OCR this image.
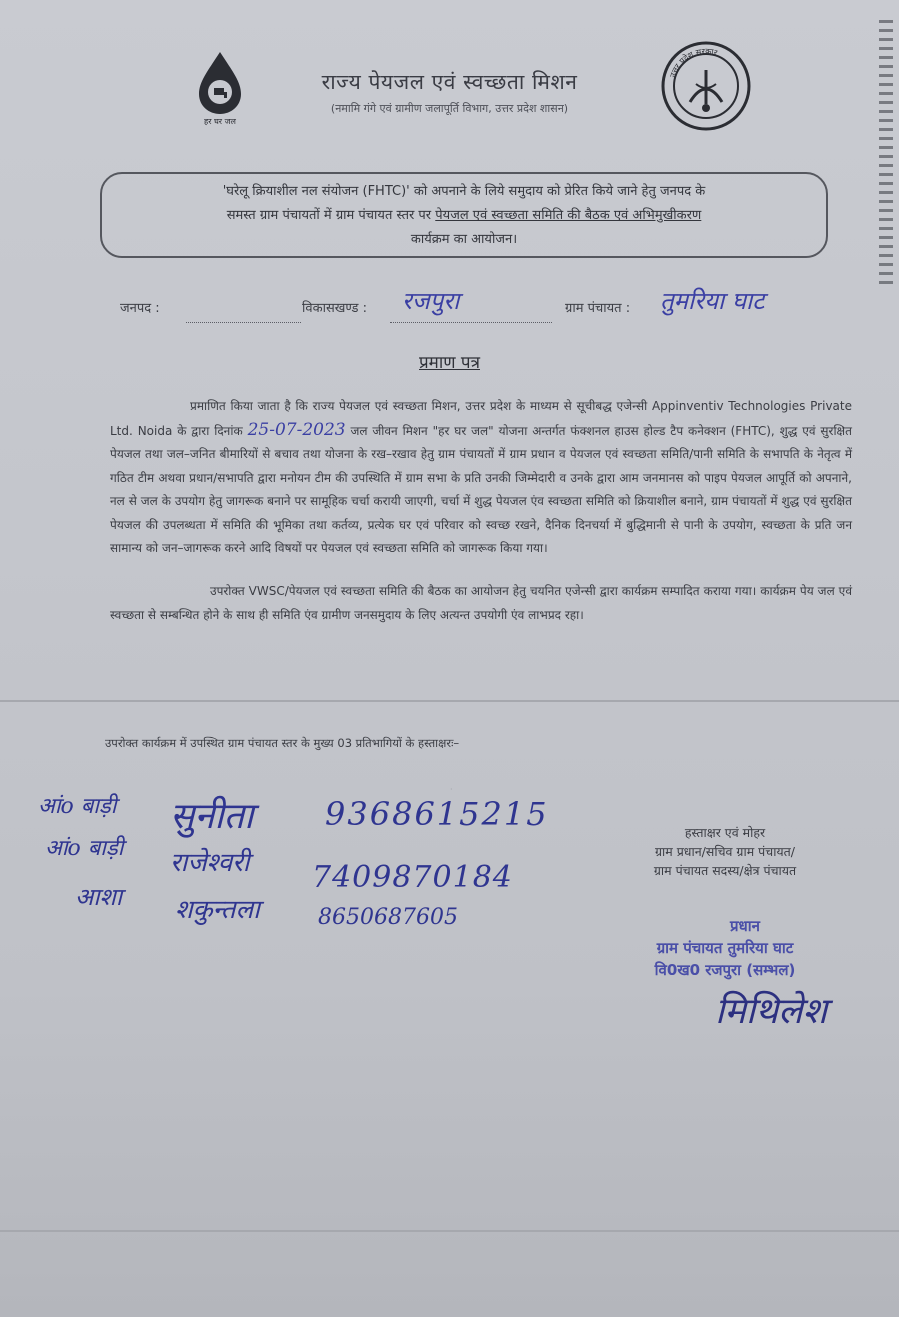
हर घर जल
उत्तर प्रदेश सरकार
राज्य पेयजल एवं स्वच्छता मिशन
(नमामि गंगे एवं ग्रामीण जलापूर्ति विभाग, उत्तर प्रदेश शासन)
'घरेलू क्रियाशील नल संयोजन (FHTC)' को अपनाने के लिये समुदाय को प्रेरित किये जाने हेतु जनपद के
समस्त ग्राम पंचायतों में ग्राम पंचायत स्तर पर पेयजल एवं स्वच्छता समिति की बैठक एवं अभिमुखीकरण
कार्यक्रम का आयोजन।
जनपद :	विकासखण्ड : रजपुरा	ग्राम पंचायत : तुमरिया घाट
प्रमाण पत्र
प्रमाणित किया जाता है कि राज्य पेयजल एवं स्वच्छता मिशन, उत्तर प्रदेश के माध्यम से सूचीबद्ध एजेन्सी Appinventiv Technologies Private Ltd. Noida के द्वारा दिनांक 25-07-2023 जल जीवन मिशन "हर घर जल" योजना अन्तर्गत फंक्शनल हाउस होल्ड टैप कनेक्शन (FHTC), शुद्ध एवं सुरक्षित पेयजल तथा जल–जनित बीमारियों से बचाव तथा योजना के रख–रखाव हेतु ग्राम पंचायतों में ग्राम प्रधान व पेयजल एवं स्वच्छता समिति/पानी समिति के सभापति के नेतृत्व में गठित टीम अथवा प्रधान/सभापति द्वारा मनोयन टीम की उपस्थिति में ग्राम सभा के प्रति उनकी जिम्मेदारी व उनके द्वारा आम जनमानस को पाइप पेयजल आपूर्ति को अपनाने, नल से जल के उपयोग हेतु जागरूक बनाने पर सामूहिक चर्चा करायी जाएगी, चर्चा में शुद्ध पेयजल एंव स्वच्छता समिति को क्रियाशील बनाने, ग्राम पंचायतों में शुद्ध एवं सुरक्षित पेयजल की उपलब्धता में समिति की भूमिका तथा कर्तव्य, प्रत्येक घर एवं परिवार को स्वच्छ रखने, दैनिक दिनचर्या में बुद्धिमानी से पानी के उपयोग, स्वच्छता के प्रति जन सामान्य को जन–जागरूक करने आदि विषयों पर पेयजल एवं स्वच्छता समिति को जागरूक किया गया।
उपरोक्त VWSC/पेयजल एवं स्वच्छता समिति की बैठक का आयोजन हेतु चयनित एजेन्सी द्वारा कार्यक्रम सम्पादित कराया गया। कार्यक्रम पेय जल एवं स्वच्छता से सम्बन्धित होने के साथ ही समिति एंव ग्रामीण जनसमुदाय के लिए अत्यन्त उपयोगी एंव लाभप्रद रहा।
उपरोक्त कार्यक्रम में उपस्थित ग्राम पंचायत स्तर के मुख्य 03 प्रतिभागियों के हस्ताक्षरः–
·
आंo बाड़ी सुनीता 9368615215
आंo बाड़ी राजेश्वरी 7409870184
आशा शकुन्तला	8650687605
हस्ताक्षर एवं मोहर
ग्राम प्रधान/सचिव ग्राम पंचायत/
ग्राम पंचायत सदस्य/क्षेत्र पंचायत
प्रधान
ग्राम पंचायत तुमरिया घाट
वि0ख0 रजपुरा (सम्भल)
मिथिलेश
